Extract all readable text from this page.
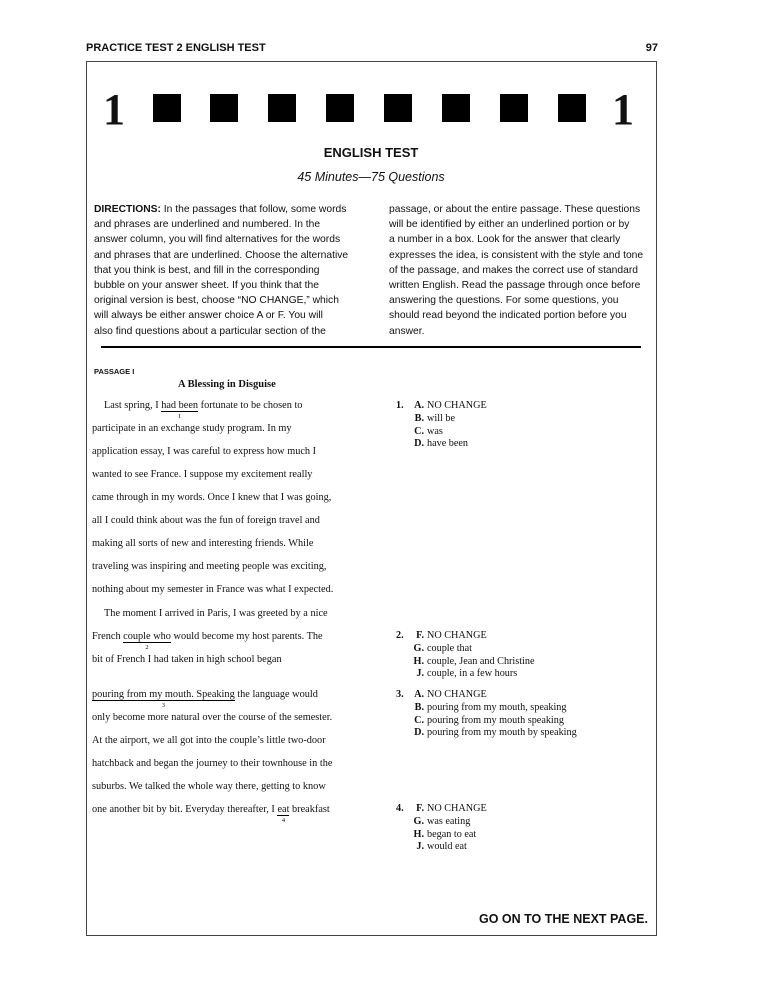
PRACTICE TEST 2 ENGLISH TEST	97
1	1
ENGLISH TEST
45 Minutes—75 Questions
DIRECTIONS: In the passages that follow, some words
and phrases are underlined and numbered. In the
answer column, you will find alternatives for the words
and phrases that are underlined. Choose the alternative
that you think is best, and fill in the corresponding
bubble on your answer sheet. If you think that the
original version is best, choose “NO CHANGE,” which
will always be either answer choice A or F. You will
also find questions about a particular section of the
passage, or about the entire passage. These questions
will be identified by either an underlined portion or by
a number in a box. Look for the answer that clearly
expresses the idea, is consistent with the style and tone
of the passage, and makes the correct use of standard
written English. Read the passage through once before
answering the questions. For some questions, you
should read beyond the indicated portion before you
answer.
PASSAGE I
A Blessing in Disguise
Last spring, I had been
1
fortunate to be chosen to
participate in an exchange study program. In my
application essay, I was careful to express how much I
wanted to see France. I suppose my excitement really
came through in my words. Once I knew that I was going,
all I could think about was the fun of foreign travel and
making all sorts of new and interesting friends. While
traveling was inspiring and meeting people was exciting,
nothing about my semester in France was what I expected.
The moment I arrived in Paris, I was greeted by a nice
French couple who
2
would become my host parents. The
bit of French I had taken in high school began
pouring from my mouth. Speaking
3
the language would
only become more natural over the course of the semester.
At the airport, we all got into the couple’s little two-door
hatchback and began the journey to their townhouse in the
suburbs. We talked the whole way there, getting to know
one another bit by bit. Everyday thereafter, I eat
4
breakfast
1.	A. NO CHANGE
B. will be
C. was
D. have been
2.	F. NO CHANGE
G. couple that
H. couple, Jean and Christine
J. couple, in a few hours
3.	A. NO CHANGE
B. pouring from my mouth, speaking
C. pouring from my mouth speaking
D. pouring from my mouth by speaking
4.	F. NO CHANGE
G. was eating
H. began to eat
J. would eat
GO ON TO THE NEXT PAGE.
